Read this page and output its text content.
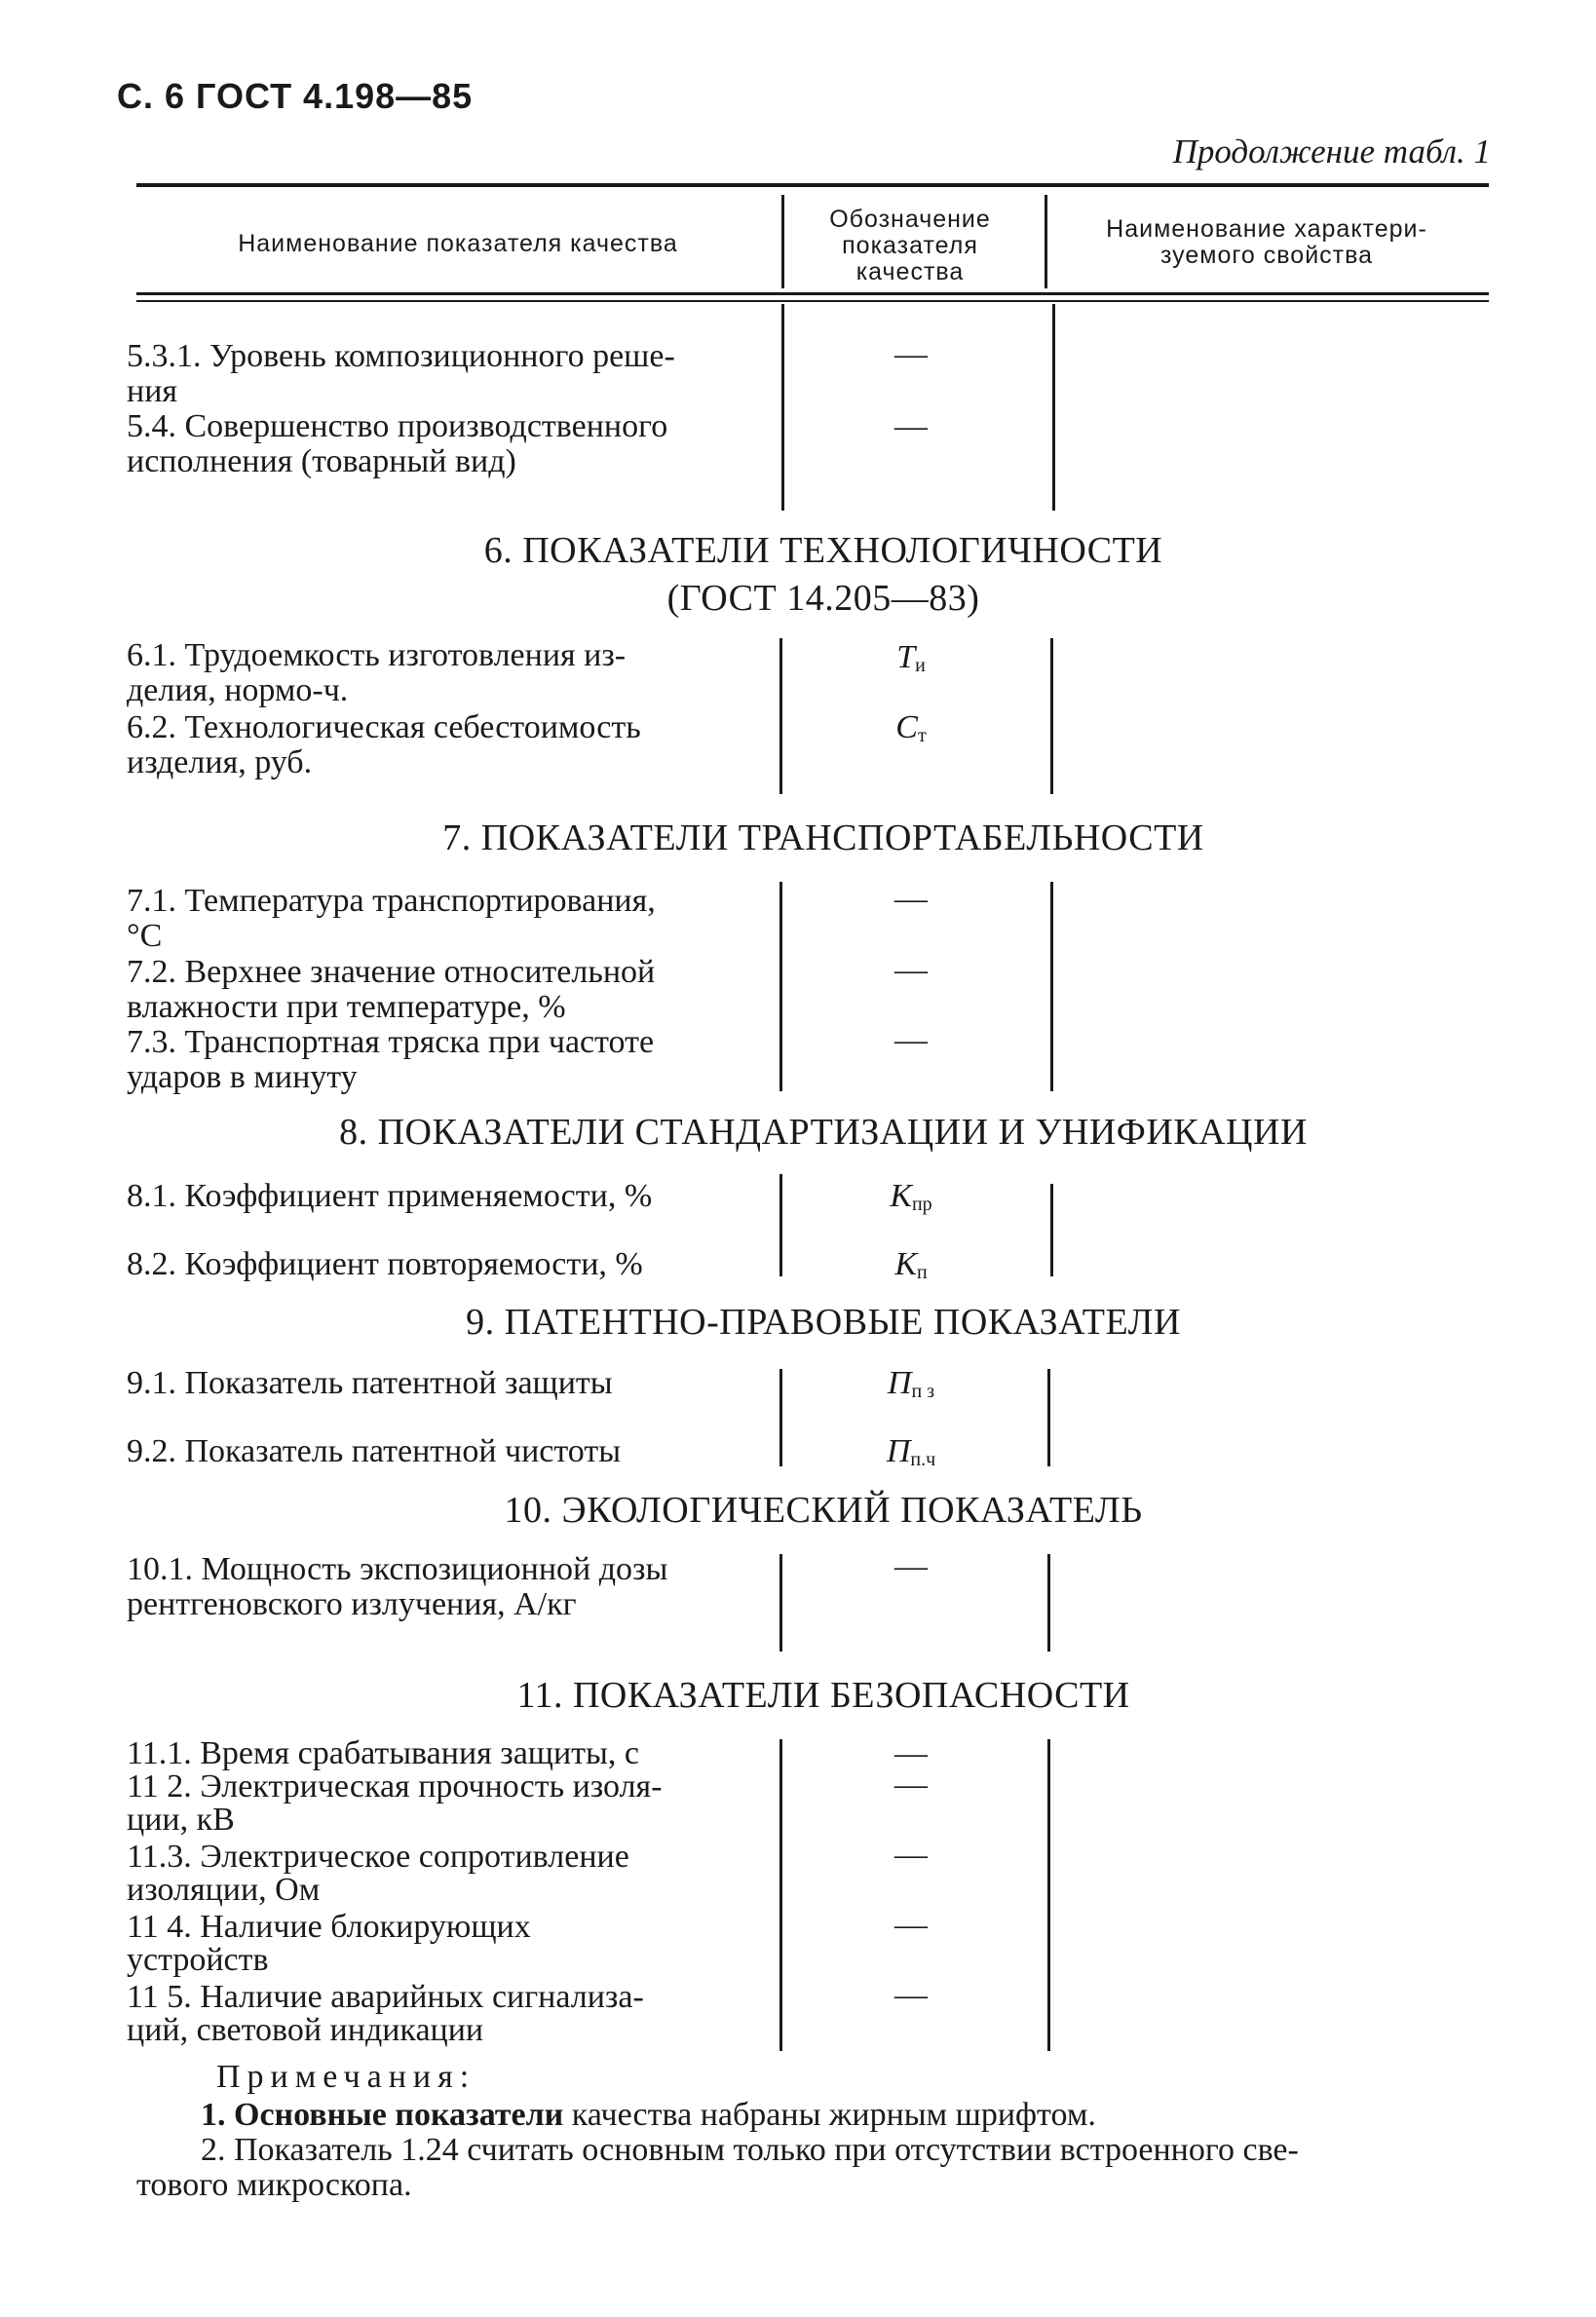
С. 6 ГОСТ 4.198—85
Продолжение табл. 1
Наименование показателя качества
Обозначение
показателя
качества
Наименование характери-
зуемого свойства
5.3.1. Уровень композиционного реше-
ния
5.4. Совершенство производственного
исполнения (товарный вид)
—
—
6. ПОКАЗАТЕЛИ ТЕХНОЛОГИЧНОСТИ
(ГОСТ 14.205—83)
6.1. Трудоемкость изготовления из-
делия, нормо-ч.
6.2. Технологическая себестоимость
изделия, руб.
$Т_и$
$С_т$
7. ПОКАЗАТЕЛИ ТРАНСПОРТАБЕЛЬНОСТИ
7.1. Температура транспортирования,
°С
7.2. Верхнее значение относительной
влажности при температуре, %
7.3. Транспортная тряска при частоте
ударов в минуту
—
—
—
8. ПОКАЗАТЕЛИ СТАНДАРТИЗАЦИИ И УНИФИКАЦИИ
8.1. Коэффициент применяемости, %
8.2. Коэффициент повторяемости, %
$К_{пр}$
$К_п$
9. ПАТЕНТНО-ПРАВОВЫЕ ПОКАЗАТЕЛИ
9.1. Показатель патентной защиты
9.2. Показатель патентной чистоты
$П_{п з}$
$П_{п.ч}$
10. ЭКОЛОГИЧЕСКИЙ ПОКАЗАТЕЛЬ
10.1. Мощность экспозиционной дозы
рентгеновского излучения, А/кг
—
11. ПОКАЗАТЕЛИ БЕЗОПАСНОСТИ
11.1. Время срабатывания защиты, с
11 2. Электрическая прочность изоля-
ции, кВ
11.3. Электрическое сопротивление
изоляции, Ом
11 4. Наличие блокирующих
устройств
11 5. Наличие аварийных сигнализа-
ций, световой индикации
—
—
—
—
—
Примечания:
1. Основные показатели качества набраны жирным шрифтом.
2. Показатель 1.24 считать основным только при отсутствии встроенного све-
тового микроскопа.
